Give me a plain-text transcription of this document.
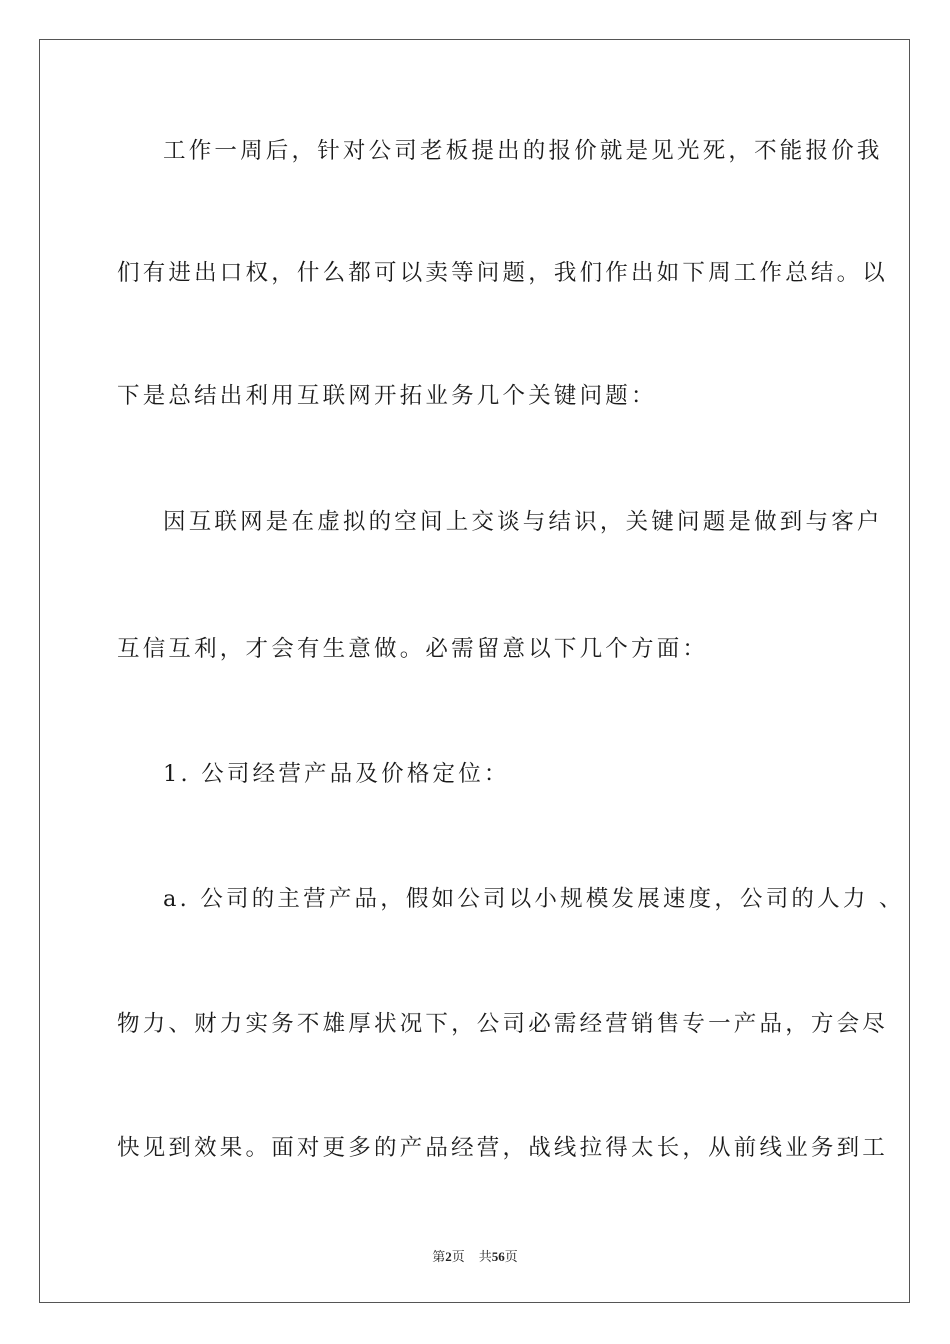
工作一周后，针对公司老板提出的报价就是见光死，不能报价我
们有进出口权，什么都可以卖等问题，我们作出如下周工作总结。以
下是总结出利用互联网开拓业务几个关键问题：
因互联网是在虚拟的空间上交谈与结识，关键问题是做到与客户
互信互利，才会有生意做。必需留意以下几个方面：
1. 公司经营产品及价格定位：
a. 公司的主营产品，假如公司以小规模发展速度，公司的人力 、
物力、财力实务不雄厚状况下，公司必需经营销售专一产品，方会尽
快见到效果。面对更多的产品经营，战线拉得太长，从前线业务到工
第2页 共56页
